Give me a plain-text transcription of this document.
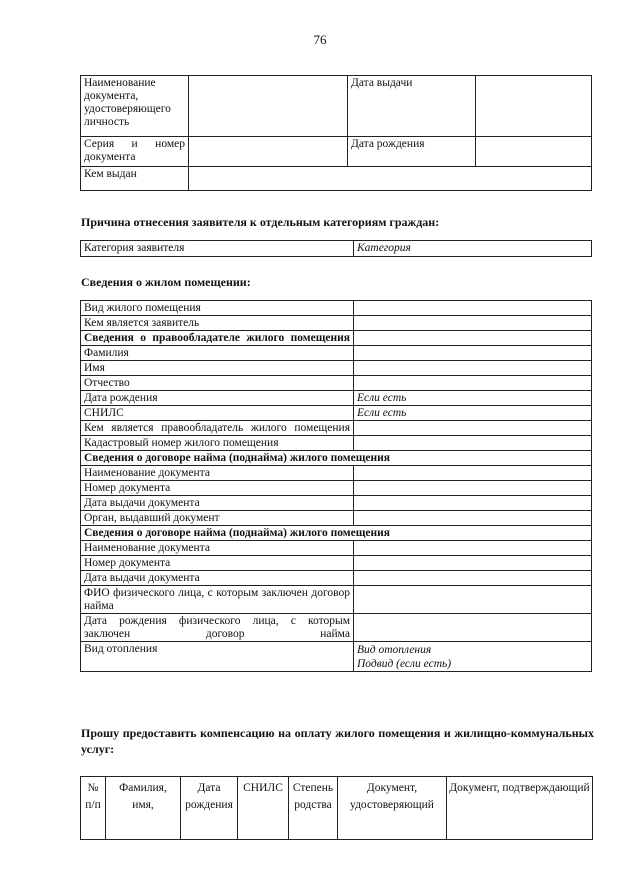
76
Наименование документа, удостоверяющего личность		Дата выдачи	
Серия и номер документа		Дата рождения	
Кем выдан			
Причина отнесения заявителя к отдельным категориям граждан:
Категория заявителя	Категория
Сведения о жилом помещении:
Вид жилого помещения	
Кем является заявитель	
Сведения о правообладателе жилого помещения	
Фамилия	
Имя	
Отчество	
Дата рождения	Если есть
СНИЛС	Если есть
Кем является правообладатель жилого помещения	
Кадастровый номер жилого помещения	
Сведения о договоре найма (поднайма) жилого помещения	
Наименование документа	
Номер документа	
Дата выдачи документа	
Орган, выдавший документ	
Сведения о договоре найма (поднайма) жилого помещения	
Наименование документа	
Номер документа	
Дата выдачи документа	
ФИО физического лица, с которым заключен договор найма	
Дата рождения физического лица, с которым заключен договор найма	
Вид отопления	Вид отопления
Подвид (если есть)
Прошу предоставить компенсацию на оплату жилого помещения и жилищно-коммунальных услуг:
№ п/п	Фамилия, имя,	Дата рождения	СНИЛС	Степень родства	Документ, удостоверяющий	Документ, подтверждающий
